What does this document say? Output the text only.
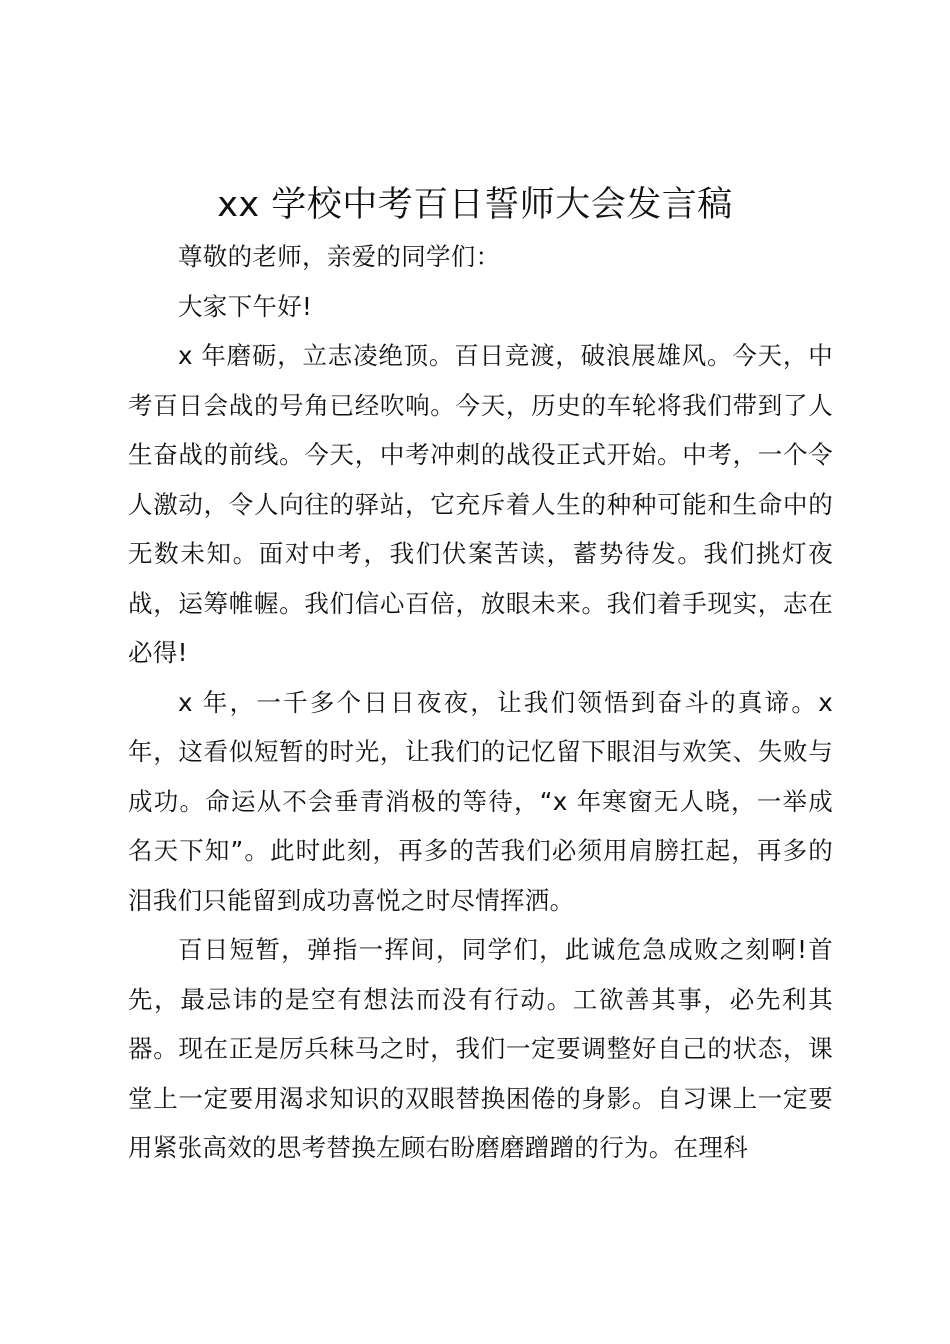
xx 学校中考百日誓师大会发言稿

尊敬的老师，亲爱的同学们：

大家下午好!

x 年磨砺，立志凌绝顶。百日竞渡，破浪展雄风。今天，中考百日会战的号角已经吹响。今天，历史的车轮将我们带到了人生奋战的前线。今天，中考冲刺的战役正式开始。中考，一个令人激动，令人向往的驿站，它充斥着人生的种种可能和生命中的无数未知。面对中考，我们伏案苦读，蓄势待发。我们挑灯夜战，运筹帷幄。我们信心百倍，放眼未来。我们着手现实，志在必得!

x 年，一千多个日日夜夜，让我们领悟到奋斗的真谛。x 年，这看似短暂的时光，让我们的记忆留下眼泪与欢笑、失败与成功。命运从不会垂青消极的等待，“x 年寒窗无人晓，一举成名天下知”。此时此刻，再多的苦我们必须用肩膀扛起，再多的泪我们只能留到成功喜悦之时尽情挥洒。

百日短暂，弹指一挥间，同学们，此诚危急成败之刻啊!首先，最忌讳的是空有想法而没有行动。工欲善其事，必先利其器。现在正是厉兵秣马之时，我们一定要调整好自己的状态，课堂上一定要用渴求知识的双眼替换困倦的身影。自习课上一定要用紧张高效的思考替换左顾右盼磨磨蹭蹭的行为。在理科
